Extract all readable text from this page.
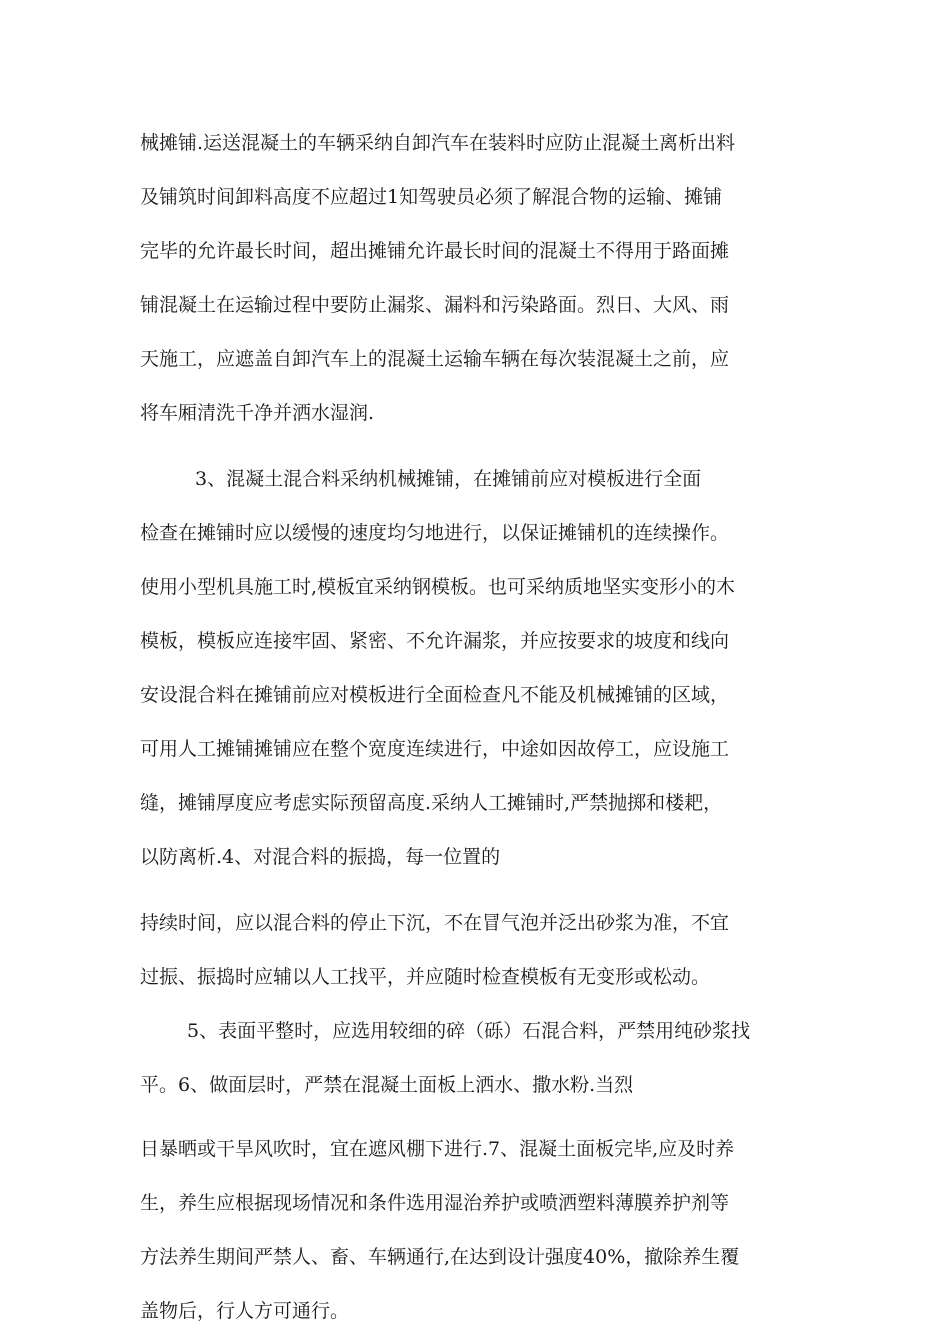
械摊铺.运送混凝土的车辆采纳自卸汽车在装料时应防止混凝土离析出料
及铺筑时间卸料高度不应超过1知驾驶员必须了解混合物的运输、摊铺
完毕的允许最长时间，超出摊铺允许最长时间的混凝土不得用于路面摊
铺混凝土在运输过程中要防止漏浆、漏料和污染路面。烈日、大风、雨
天施工，应遮盖自卸汽车上的混凝土运输车辆在每次装混凝土之前，应
将车厢清洗千净并洒水湿润.
3、混凝土混合料采纳机械摊铺，在摊铺前应对模板进行全面
检查在摊铺时应以缓慢的速度均匀地进行，以保证摊铺机的连续操作。
使用小型机具施工时,模板宜采纳钢模板。也可采纳质地坚实变形小的木
模板，模板应连接牢固、紧密、不允许漏浆，并应按要求的坡度和线向
安设混合料在摊铺前应对模板进行全面检查凡不能及机械摊铺的区域，
可用人工摊铺摊铺应在整个宽度连续进行，中途如因故停工，应设施工
缝，摊铺厚度应考虑实际预留高度.采纳人工摊铺时,严禁抛掷和楼耙，
以防离析.4、对混合料的振捣，每一位置的
持续时间，应以混合料的停止下沉，不在冒气泡并泛出砂浆为准，不宜
过振、振捣时应辅以人工找平，并应随时检查模板有无变形或松动。
5、表面平整时，应选用较细的碎（砾）石混合料，严禁用纯砂浆找
平。6、做面层时，严禁在混凝土面板上洒水、撒水粉.当烈
日暴晒或干旱风吹时，宜在遮风棚下进行.7、混凝土面板完毕,应及时养
生，养生应根据现场情况和条件选用湿治养护或喷洒塑料薄膜养护剂等
方法养生期间严禁人、畜、车辆通行,在达到设计强度40%，撤除养生覆
盖物后，行人方可通行。
